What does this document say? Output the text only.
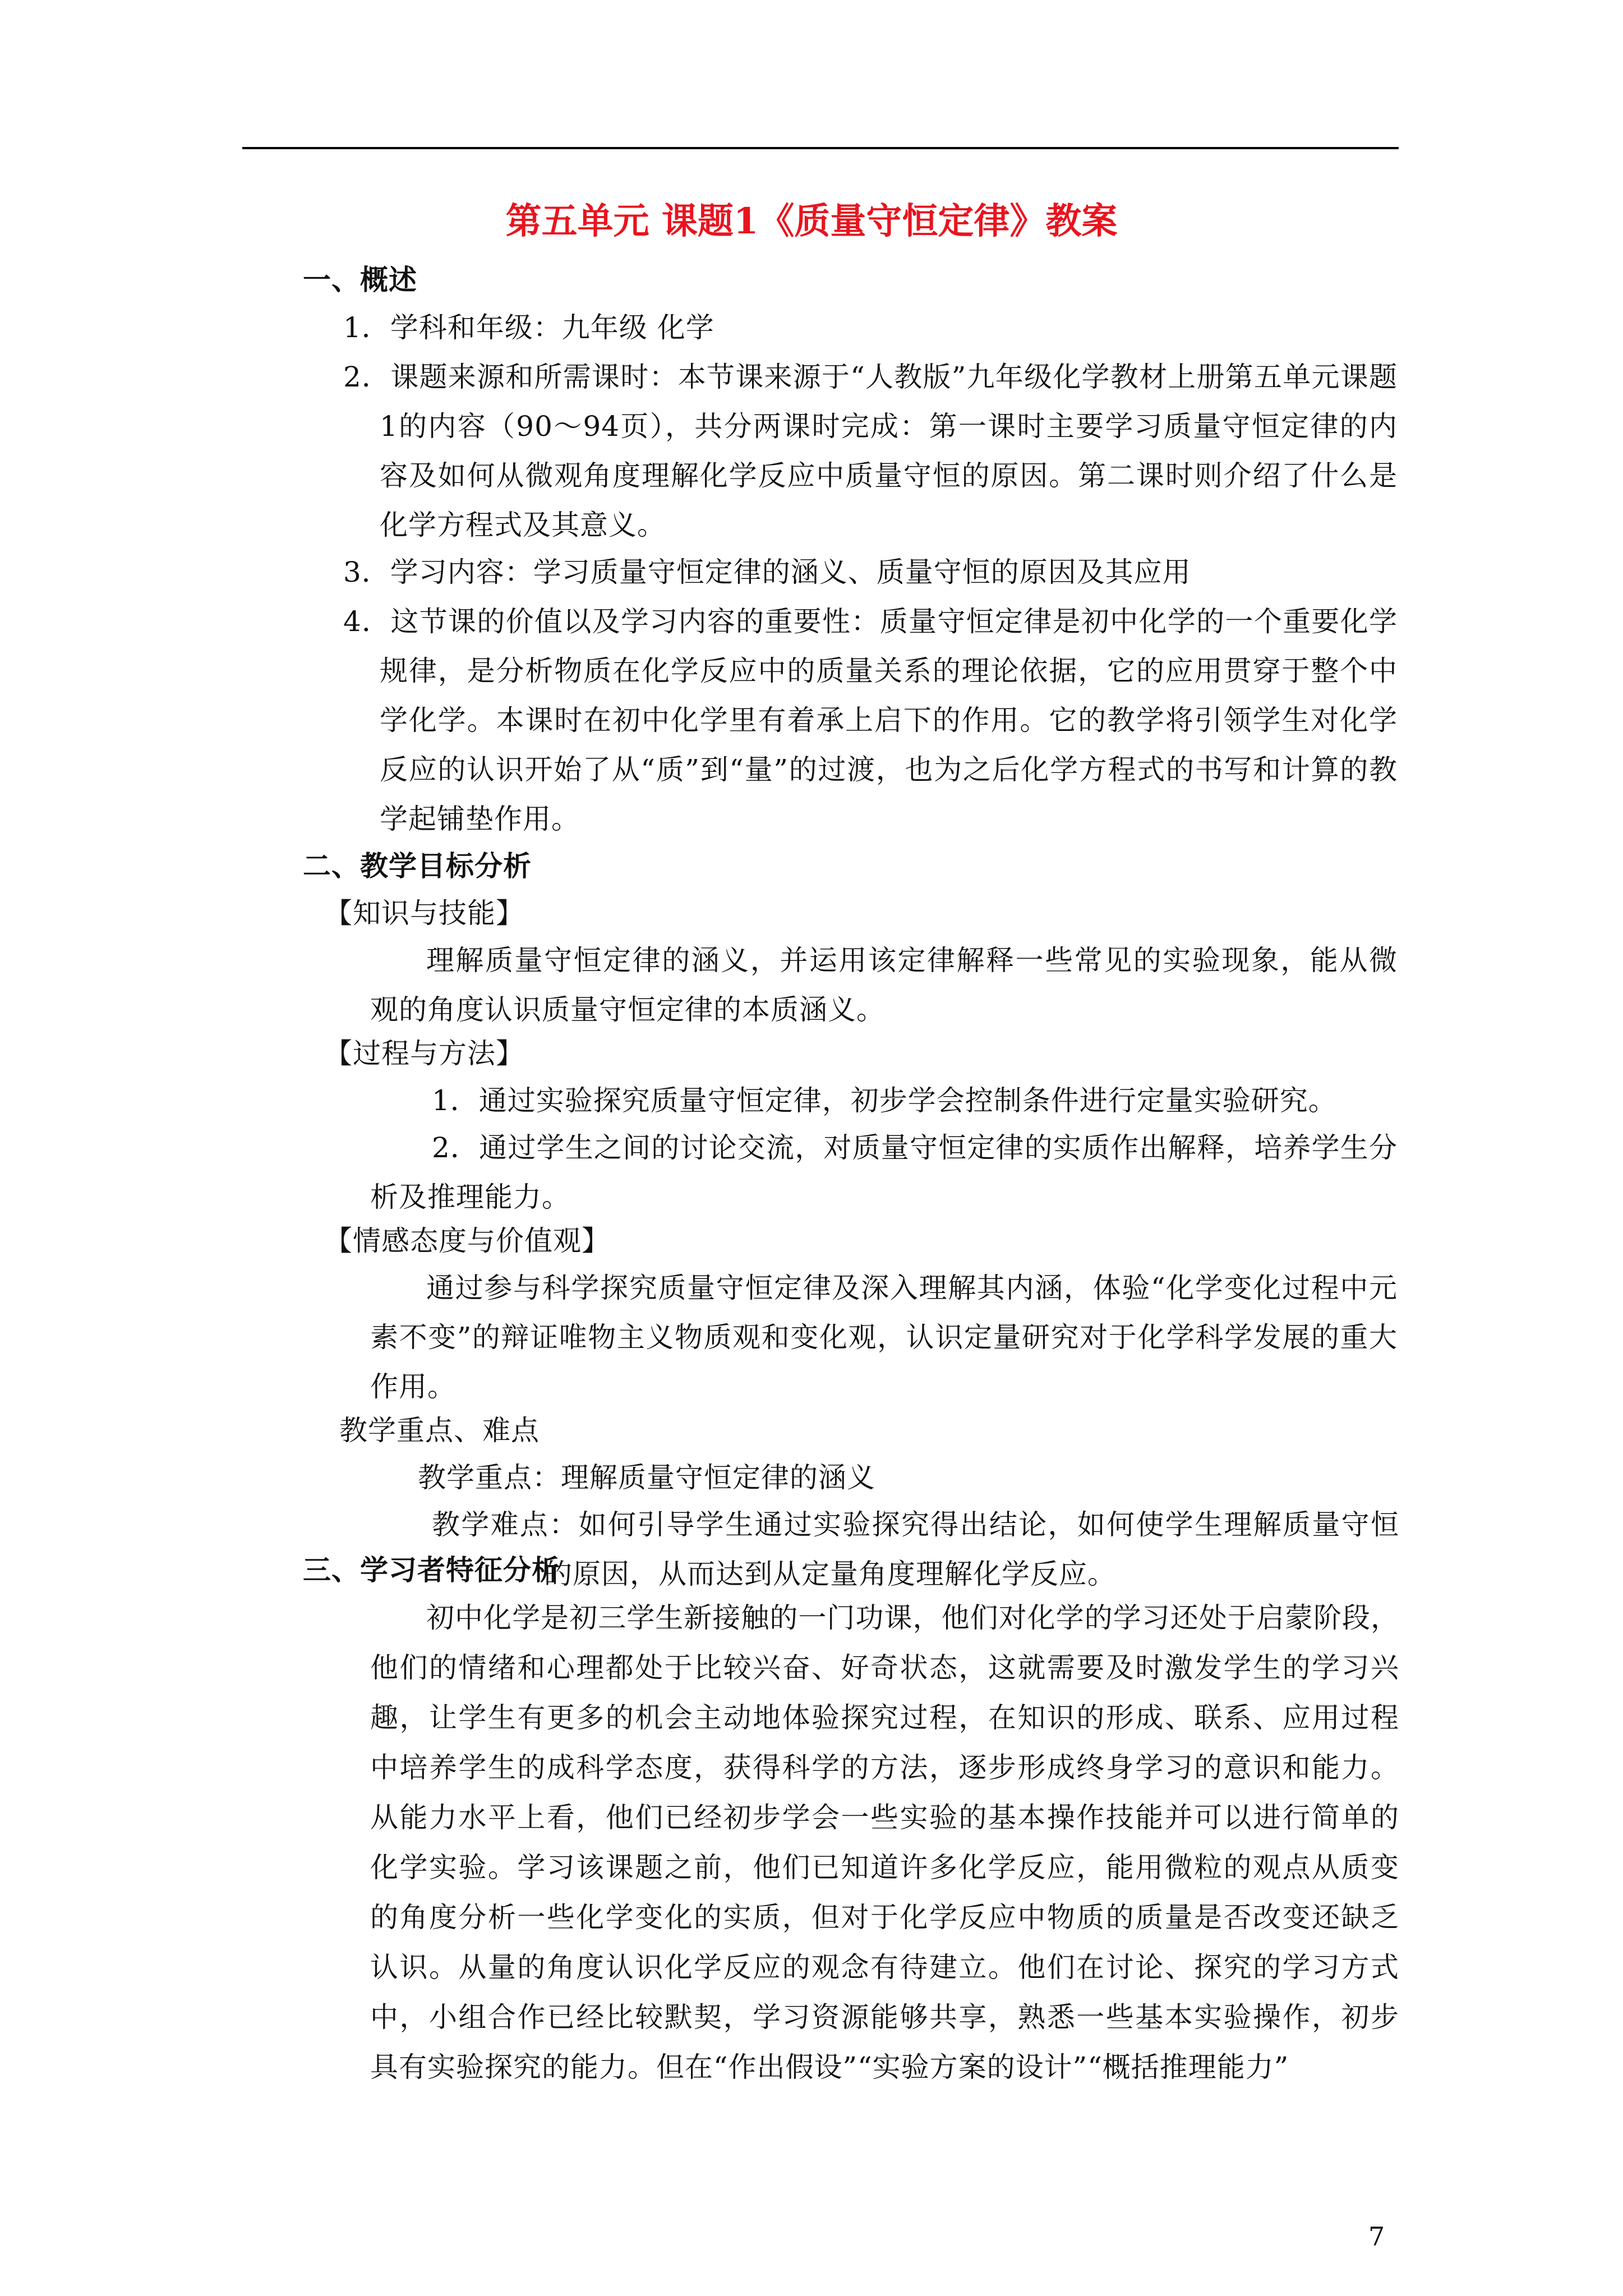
第五单元 课题1《质量守恒定律》教案
一、概述

1．学科和年级：九年级 化学

2．课题来源和所需课时：本节课来源于“人教版”九年级化学教材上册第五单元课题1的内容（90～94页），共分两课时完成：第一课时主要学习质量守恒定律的内容及如何从微观角度理解化学反应中质量守恒的原因。第二课时则介绍了什么是化学方程式及其意义。

3．学习内容：学习质量守恒定律的涵义、质量守恒的原因及其应用

4．这节课的价值以及学习内容的重要性：质量守恒定律是初中化学的一个重要化学规律，是分析物质在化学反应中的质量关系的理论依据，它的应用贯穿于整个中学化学。本课时在初中化学里有着承上启下的作用。它的教学将引领学生对化学反应的认识开始了从“质”到“量”的过渡，也为之后化学方程式的书写和计算的教学起铺垫作用。

二、教学目标分析
【知识与技能】

理解质量守恒定律的涵义，并运用该定律解释一些常见的实验现象，能从微观的角度认识质量守恒定律的本质涵义。

【过程与方法】

1．通过实验探究质量守恒定律，初步学会控制条件进行定量实验研究。

2．通过学生之间的讨论交流，对质量守恒定律的实质作出解释，培养学生分析及推理能力。

【情感态度与价值观】

通过参与科学探究质量守恒定律及深入理解其内涵，体验“化学变化过程中元素不变”的辩证唯物主义物质观和变化观，认识定量研究对于化学科学发展的重大作用。

教学重点、难点

教学重点：理解质量守恒定律的涵义

教学难点：如何引导学生通过实验探究得出结论，如何使学生理解质量守恒的原因，从而达到从定量角度理解化学反应。

三、学习者特征分析

初中化学是初三学生新接触的一门功课，他们对化学的学习还处于启蒙阶段，他们的情绪和心理都处于比较兴奋、好奇状态，这就需要及时激发学生的学习兴趣，让学生有更多的机会主动地体验探究过程，在知识的形成、联系、应用过程中培养学生的成科学态度，获得科学的方法，逐步形成终身学习的意识和能力。从能力水平上看，他们已经初步学会一些实验的基本操作技能并可以进行简单的化学实验。学习该课题之前，他们已知道许多化学反应，能用微粒的观点从质变的角度分析一些化学变化的实质，但对于化学反应中物质的质量是否改变还缺乏认识。从量的角度认识化学反应的观念有待建立。他们在讨论、探究的学习方式中，小组合作已经比较默契，学习资源能够共享，熟悉一些基本实验操作，初步具有实验探究的能力。但在“作出假设”“实验方案的设计”“概括推理能力”

7
